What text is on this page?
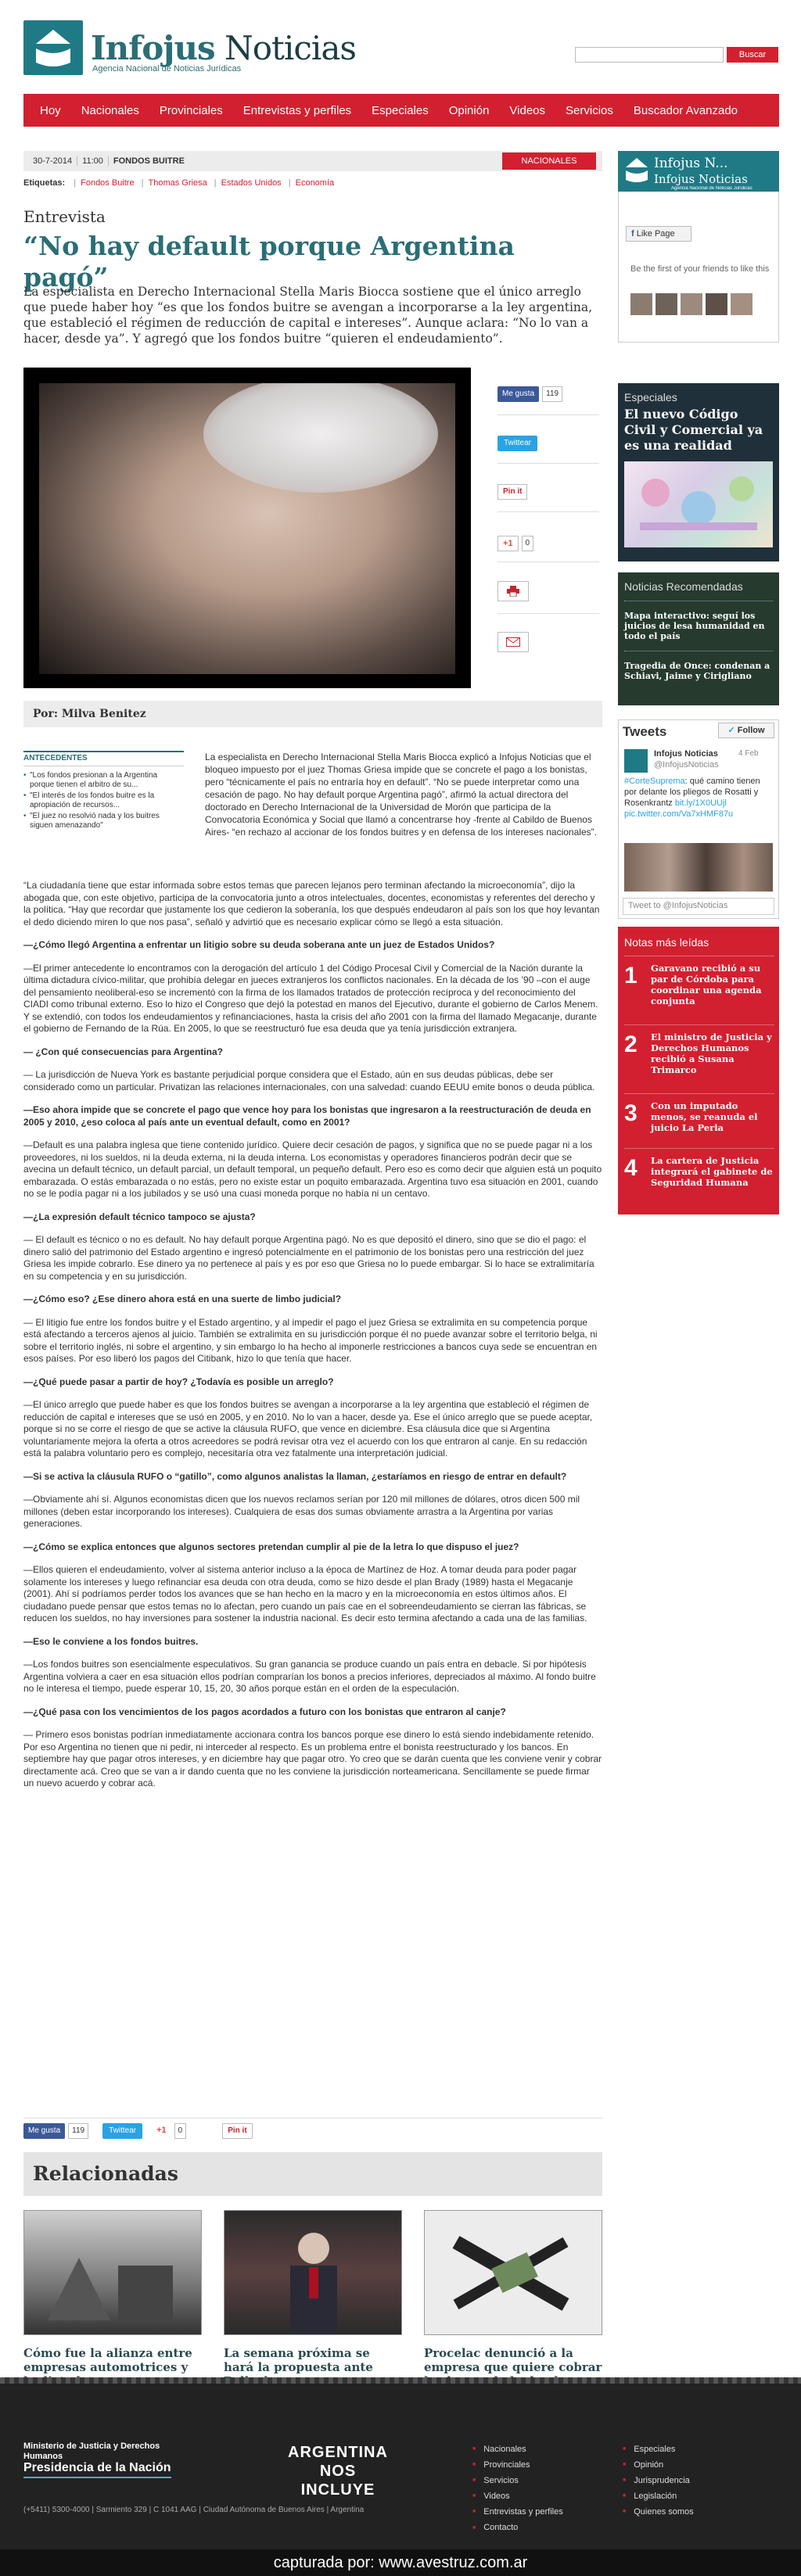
Infojus Noticias
Agencia Nacional de Noticias Jurídicas
Buscar
Hoy	Nacionales	Provinciales	Entrevistas y perfiles	Especiales	Opinión	Videos	Servicios	Buscador Avanzado
30-7-2014	11:00	FONDOS BUITRE	NACIONALES
Etiquetas: | Fondos Buitre | Thomas Griesa | Estados Unidos | Economía
Entrevista
“No hay default porque Argentina pagó”
La especialista en Derecho Internacional Stella Maris Biocca sostiene que el único arreglo que puede haber hoy “es que los fondos buitre se avengan a incorporarse a la ley argentina, que estableció el régimen de reducción de capital e intereses”. Aunque aclara: “No lo van a hacer, desde ya”. Y agregó que los fondos buitre “quieren el endeudamiento”.
Me gusta	119
Twittear
Pin it
+1	0
Por: Milva Benitez
ANTECEDENTES
• "Los fondos presionan a la Argentina porque tienen el arbitro de su...
• "El interés de los fondos buitre es la apropiación de recursos...
• "El juez no resolvió nada y los buitres siguen amenazando"
La especialista en Derecho Internacional Stella Maris Biocca explicó a Infojus Noticias que el bloqueo impuesto por el juez Thomas Griesa impide que se concrete el pago a los bonistas, pero “técnicamente el país no entraría hoy en default”. “No se puede interpretar como una cesación de pago. No hay default porque Argentina pagó”, afirmó la actual directora del doctorado en Derecho Internacional de la Universidad de Morón que participa de la Convocatoria Económica y Social que llamó a concentrarse hoy -frente al Cabildo de Buenos Aires- “en rechazo al accionar de los fondos buitres y en defensa de los intereses nacionales”.

“La ciudadanía tiene que estar informada sobre estos temas que parecen lejanos pero terminan afectando la microeconomía”, dijo la abogada que, con este objetivo, participa de la convocatoria junto a otros intelectuales, docentes, economistas y referentes del derecho y la política. “Hay que recordar que justamente los que cedieron la soberanía, los que después endeudaron al país son los que hoy levantan el dedo diciendo miren lo que nos pasa”, señaló y advirtió que es necesario explicar cómo se llegó a esta situación.

—¿Cómo llegó Argentina a enfrentar un litigio sobre su deuda soberana ante un juez de Estados Unidos?

—El primer antecedente lo encontramos con la derogación del artículo 1 del Código Procesal Civil y Comercial de la Nación durante la última dictadura cívico-militar, que prohibía delegar en jueces extranjeros los conflictos nacionales. En la década de los ’90 –con el auge del pensamiento neoliberal-eso se incrementó con la firma de los llamados tratados de protección recíproca y del reconocimiento del CIADI como tribunal externo. Eso lo hizo el Congreso que dejó la potestad en manos del Ejecutivo, durante el gobierno de Carlos Menem. Y se extendió, con todos los endeudamientos y refinanciaciones, hasta la crisis del año 2001 con la firma del llamado Megacanje, durante el gobierno de Fernando de la Rúa. En 2005, lo que se reestructuró fue esa deuda que ya tenía jurisdicción extranjera.

— ¿Con qué consecuencias para Argentina?

— La jurisdicción de Nueva York es bastante perjudicial porque considera que el Estado, aún en sus deudas públicas, debe ser considerado como un particular. Privatizan las relaciones internacionales, con una salvedad: cuando EEUU emite bonos o deuda pública.

—Eso ahora impide que se concrete el pago que vence hoy para los bonistas que ingresaron a la reestructuración de deuda en 2005 y 2010, ¿eso coloca al país ante un eventual default, como en 2001?

—Default es una palabra inglesa que tiene contenido jurídico. Quiere decir cesación de pagos, y significa que no se puede pagar ni a los proveedores, ni los sueldos, ni la deuda externa, ni la deuda interna. Los economistas y operadores financieros podrán decir que se avecina un default técnico, un default parcial, un default temporal, un pequeño default. Pero eso es como decir que alguien está un poquito embarazada. O estás embarazada o no estás, pero no existe estar un poquito embarazada. Argentina tuvo esa situación en 2001, cuando no se le podía pagar ni a los jubilados y se usó una cuasi moneda porque no había ni un centavo.

—¿La expresión default técnico tampoco se ajusta?

— El default es técnico o no es default. No hay default porque Argentina pagó. No es que depositó el dinero, sino que se dio el pago: el dinero salió del patrimonio del Estado argentino e ingresó potencialmente en el patrimonio de los bonistas pero una restricción del juez Griesa les impide cobrarlo. Ese dinero ya no pertenece al país y es por eso que Griesa no lo puede embargar. Si lo hace se extralimitaría en su competencia y en su jurisdicción.

—¿Cómo eso? ¿Ese dinero ahora está en una suerte de limbo judicial?

— El litigio fue entre los fondos buitre y el Estado argentino, y al impedir el pago el juez Griesa se extralimita en su competencia porque está afectando a terceros ajenos al juicio. También se extralimita en su jurisdicción porque él no puede avanzar sobre el territorio belga, ni sobre el territorio inglés, ni sobre el argentino, y sin embargo lo ha hecho al imponerle restricciones a bancos cuya sede se encuentran en esos países. Por eso liberó los pagos del Citibank, hizo lo que tenía que hacer.

—¿Qué puede pasar a partir de hoy? ¿Todavía es posible un arreglo?

—El único arreglo que puede haber es que los fondos buitres se avengan a incorporarse a la ley argentina que estableció el régimen de reducción de capital e intereses que se usó en 2005, y en 2010. No lo van a hacer, desde ya. Ese el único arreglo que se puede aceptar, porque si no se corre el riesgo de que se active la cláusula RUFO, que vence en diciembre. Esa cláusula dice que si Argentina voluntariamente mejora la oferta a otros acreedores se podrá revisar otra vez el acuerdo con los que entraron al canje. En su redacción está la palabra voluntario pero es complejo, necesitaría otra vez fatalmente una interpretación judicial.

—Si se activa la cláusula RUFO o “gatillo”, como algunos analistas la llaman, ¿estaríamos en riesgo de entrar en default?

—Obviamente ahí sí. Algunos economistas dicen que los nuevos reclamos serían por 120 mil millones de dólares, otros dicen 500 mil millones (deben estar incorporando los intereses). Cualquiera de esas dos sumas obviamente arrastra a la Argentina por varias generaciones.

—¿Cómo se explica entonces que algunos sectores pretendan cumplir al pie de la letra lo que dispuso el juez?

—Ellos quieren el endeudamiento, volver al sistema anterior incluso a la época de Martínez de Hoz. A tomar deuda para poder pagar solamente los intereses y luego refinanciar esa deuda con otra deuda, como se hizo desde el plan Brady (1989) hasta el Megacanje (2001). Ahí sí podríamos perder todos los avances que se han hecho en la macro y en la microeconomía en estos últimos años. El ciudadano puede pensar que estos temas no lo afectan, pero cuando un país cae en el sobreendeudamiento se cierran las fábricas, se reducen los sueldos, no hay inversiones para sostener la industria nacional. Es decir esto termina afectando a cada una de las familias.

—Eso le conviene a los fondos buitres.

—Los fondos buitres son esencialmente especulativos. Su gran ganancia se produce cuando un país entra en debacle. Si por hipótesis Argentina volviera a caer en esa situación ellos podrían comprarían los bonos a precios inferiores, depreciados al máximo. Al fondo buitre no le interesa el tiempo, puede esperar 10, 15, 20, 30 años porque están en el orden de la especulación.

—¿Qué pasa con los vencimientos de los pagos acordados a futuro con los bonistas que entraron al canje?

— Primero esos bonistas podrían inmediatamente accionara contra los bancos porque ese dinero lo está siendo indebidamente retenido. Por eso Argentina no tienen que ni pedir, ni interceder al respecto. Es un problema entre el bonista reestructurado y los bancos. En septiembre hay que pagar otros intereses, y en diciembre hay que pagar otro. Yo creo que se darán cuenta que les conviene venir y cobrar directamente acá. Creo que se van a ir dando cuenta que no les conviene la jurisdicción norteamericana. Sencillamente se puede firmar un nuevo acuerdo y cobrar acá.

Me gusta	119	Twittear	+1	0	Pin it
Relacionadas
Cómo fue la alianza entre empresas automotrices y
La semana próxima se hará la propuesta ante
Procelac denunció a la empresa que quiere cobrar
Infojus N...
Infojus Noticias
Agencia Nacional de Noticias Jurídicas
f Like Page
Be the first of your friends to like this
Especiales
El nuevo Código Civil y Comercial ya es una realidad
Noticias Recomendadas
Mapa interactivo: seguí los juicios de lesa humanidad en todo el país
Tragedia de Once: condenan a Schiavi, Jaime y Cirigliano
Tweets	✓ Follow
Infojus Noticias
@InfojusNoticias
4 Feb
#CorteSuprema: qué camino tienen por delante los pliegos de Rosatti y Rosenkrantz bit.ly/1X0UUjl pic.twitter.com/Va7xHMF87u
Tweet to @InfojusNoticias
Notas más leídas
1 Garavano recibió a su par de Córdoba para coordinar una agenda conjunta
2 El ministro de Justicia y Derechos Humanos recibió a Susana Trimarco
3 Con un imputado menos, se reanuda el juicio La Perla
4 La cartera de Justicia integrará el gabinete de Seguridad Humana
Ministerio de Justicia y Derechos Humanos
Presidencia de la Nación
ARGENTINA
NOS INCLUYE
(+5411) 5300-4000 | Sarmiento 329 | C 1041 AAG | Ciudad Autónoma de Buenos Aires | Argentina
■ Nacionales
■ Provinciales
■ Servicios
■ Videos
■ Entrevistas y perfiles
■ Contacto
■ Especiales
■ Opinión
■ Jurisprudencia
■ Legislación
■ Quienes somos
capturada por: www.avestruz.com.ar
